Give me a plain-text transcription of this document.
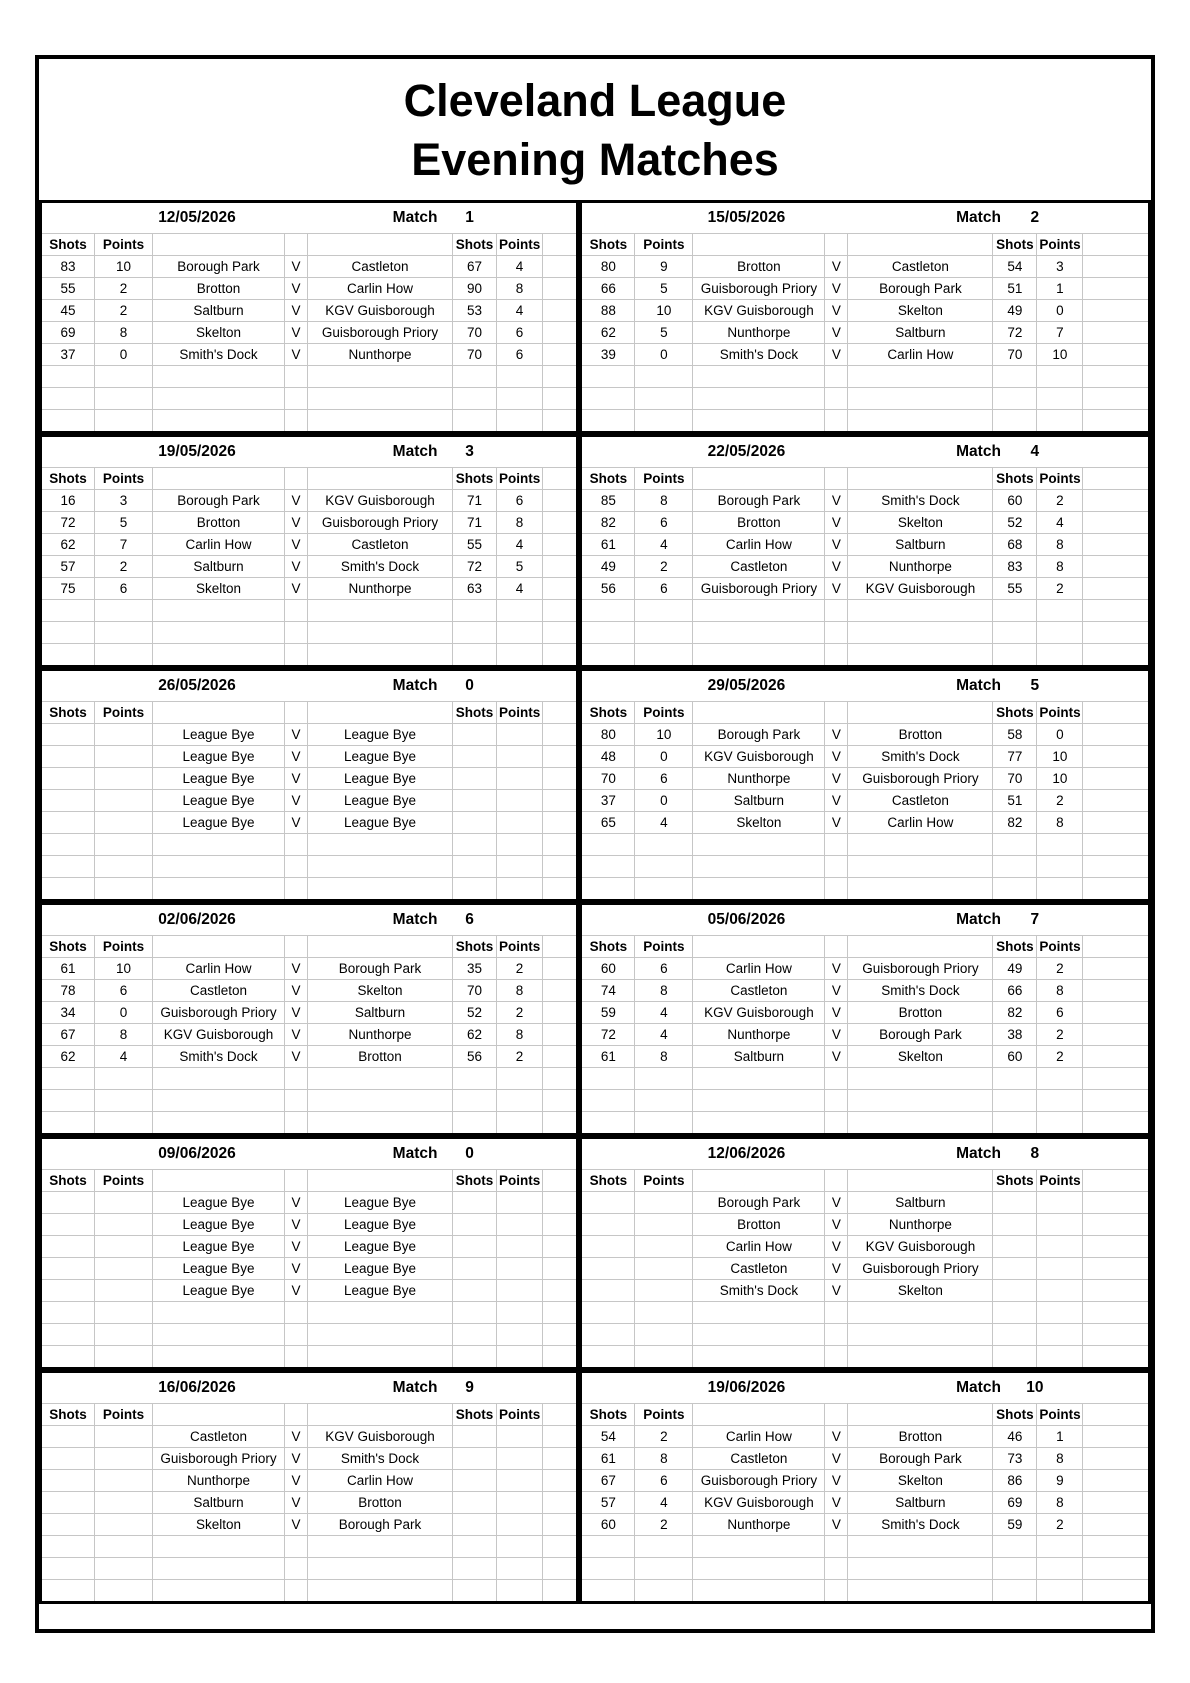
Cleveland League
Evening Matches
12/05/2026 Match 1							

Shots	Points				Shots	Points	
83	10	Borough Park	V	Castleton	67	4	
55	2	Brotton	V	Carlin How	90	8	
45	2	Saltburn	V	KGV Guisborough	53	4	
69	8	Skelton	V	Guisborough Priory	70	6	
37	0	Smith's Dock	V	Nunthorpe	70	6	

15/05/2026 Match 2							

Shots	Points				Shots	Points	
80	9	Brotton	V	Castleton	54	3	
66	5	Guisborough Priory	V	Borough Park	51	1	
88	10	KGV Guisborough	V	Skelton	49	0	
62	5	Nunthorpe	V	Saltburn	72	7	
39	0	Smith's Dock	V	Carlin How	70	10	

19/05/2026 Match 3							

Shots	Points				Shots	Points	
16	3	Borough Park	V	KGV Guisborough	71	6	
72	5	Brotton	V	Guisborough Priory	71	8	
62	7	Carlin How	V	Castleton	55	4	
57	2	Saltburn	V	Smith's Dock	72	5	
75	6	Skelton	V	Nunthorpe	63	4	

22/05/2026 Match 4							

Shots	Points				Shots	Points	
85	8	Borough Park	V	Smith's Dock	60	2	
82	6	Brotton	V	Skelton	52	4	
61	4	Carlin How	V	Saltburn	68	8	
49	2	Castleton	V	Nunthorpe	83	8	
56	6	Guisborough Priory	V	KGV Guisborough	55	2	

26/05/2026 Match 0							

Shots	Points				Shots	Points	
		League Bye	V	League Bye			
		League Bye	V	League Bye			
		League Bye	V	League Bye			
		League Bye	V	League Bye			
		League Bye	V	League Bye			

29/05/2026 Match 5							

Shots	Points				Shots	Points	
80	10	Borough Park	V	Brotton	58	0	
48	0	KGV Guisborough	V	Smith's Dock	77	10	
70	6	Nunthorpe	V	Guisborough Priory	70	10	
37	0	Saltburn	V	Castleton	51	2	
65	4	Skelton	V	Carlin How	82	8	

02/06/2026 Match 6							

Shots	Points				Shots	Points	
61	10	Carlin How	V	Borough Park	35	2	
78	6	Castleton	V	Skelton	70	8	
34	0	Guisborough Priory	V	Saltburn	52	2	
67	8	KGV Guisborough	V	Nunthorpe	62	8	
62	4	Smith's Dock	V	Brotton	56	2	

05/06/2026 Match 7							

Shots	Points				Shots	Points	
60	6	Carlin How	V	Guisborough Priory	49	2	
74	8	Castleton	V	Smith's Dock	66	8	
59	4	KGV Guisborough	V	Brotton	82	6	
72	4	Nunthorpe	V	Borough Park	38	2	
61	8	Saltburn	V	Skelton	60	2	

09/06/2026 Match 0							

Shots	Points				Shots	Points	
		League Bye	V	League Bye			
		League Bye	V	League Bye			
		League Bye	V	League Bye			
		League Bye	V	League Bye			
		League Bye	V	League Bye			

12/06/2026 Match 8							

Shots	Points				Shots	Points	
		Borough Park	V	Saltburn			
		Brotton	V	Nunthorpe			
		Carlin How	V	KGV Guisborough			
		Castleton	V	Guisborough Priory			
		Smith's Dock	V	Skelton			

16/06/2026 Match 9							

Shots	Points				Shots	Points	
		Castleton	V	KGV Guisborough			
		Guisborough Priory	V	Smith's Dock			
		Nunthorpe	V	Carlin How			
		Saltburn	V	Brotton			
		Skelton	V	Borough Park			

19/06/2026 Match 10							

Shots	Points				Shots	Points	
54	2	Carlin How	V	Brotton	46	1	
61	8	Castleton	V	Borough Park	73	8	
67	6	Guisborough Priory	V	Skelton	86	9	
57	4	KGV Guisborough	V	Saltburn	69	8	
60	2	Nunthorpe	V	Smith's Dock	59	2	
